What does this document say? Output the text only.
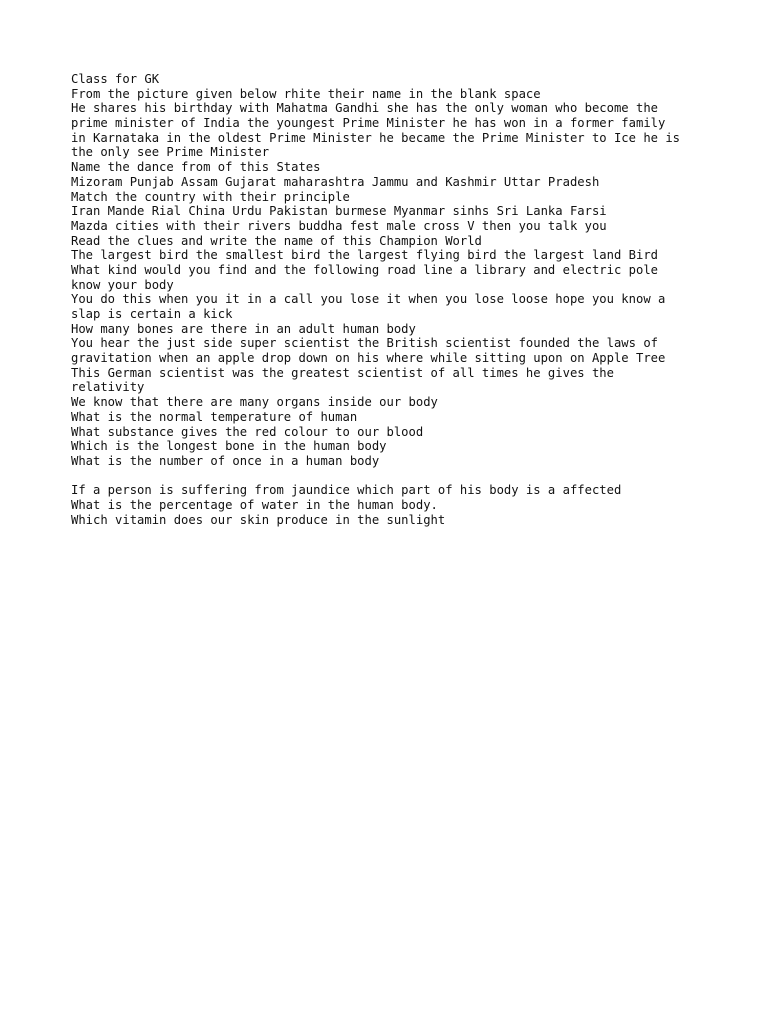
Class for GK
From the picture given below rhite their name in the blank space
He shares his birthday with Mahatma Gandhi she has the only woman who become the
prime minister of India the youngest Prime Minister he has won in a former family
in Karnataka in the oldest Prime Minister he became the Prime Minister to Ice he is
the only see Prime Minister
Name the dance from of this States
Mizoram Punjab Assam Gujarat maharashtra Jammu and Kashmir Uttar Pradesh
Match the country with their principle
Iran Mande Rial China Urdu Pakistan burmese Myanmar sinhs Sri Lanka Farsi
Mazda cities with their rivers buddha fest male cross V then you talk you
Read the clues and write the name of this Champion World
The largest bird the smallest bird the largest flying bird the largest land Bird
What kind would you find and the following road line a library and electric pole
know your body
You do this when you it in a call you lose it when you lose loose hope you know a
slap is certain a kick
How many bones are there in an adult human body
You hear the just side super scientist the British scientist founded the laws of
gravitation when an apple drop down on his where while sitting upon on Apple Tree
This German scientist was the greatest scientist of all times he gives the
relativity
We know that there are many organs inside our body
What is the normal temperature of human
What substance gives the red colour to our blood
Which is the longest bone in the human body
What is the number of once in a human body
If a person is suffering from jaundice which part of his body is a affected
What is the percentage of water in the human body.
Which vitamin does our skin produce in the sunlight
